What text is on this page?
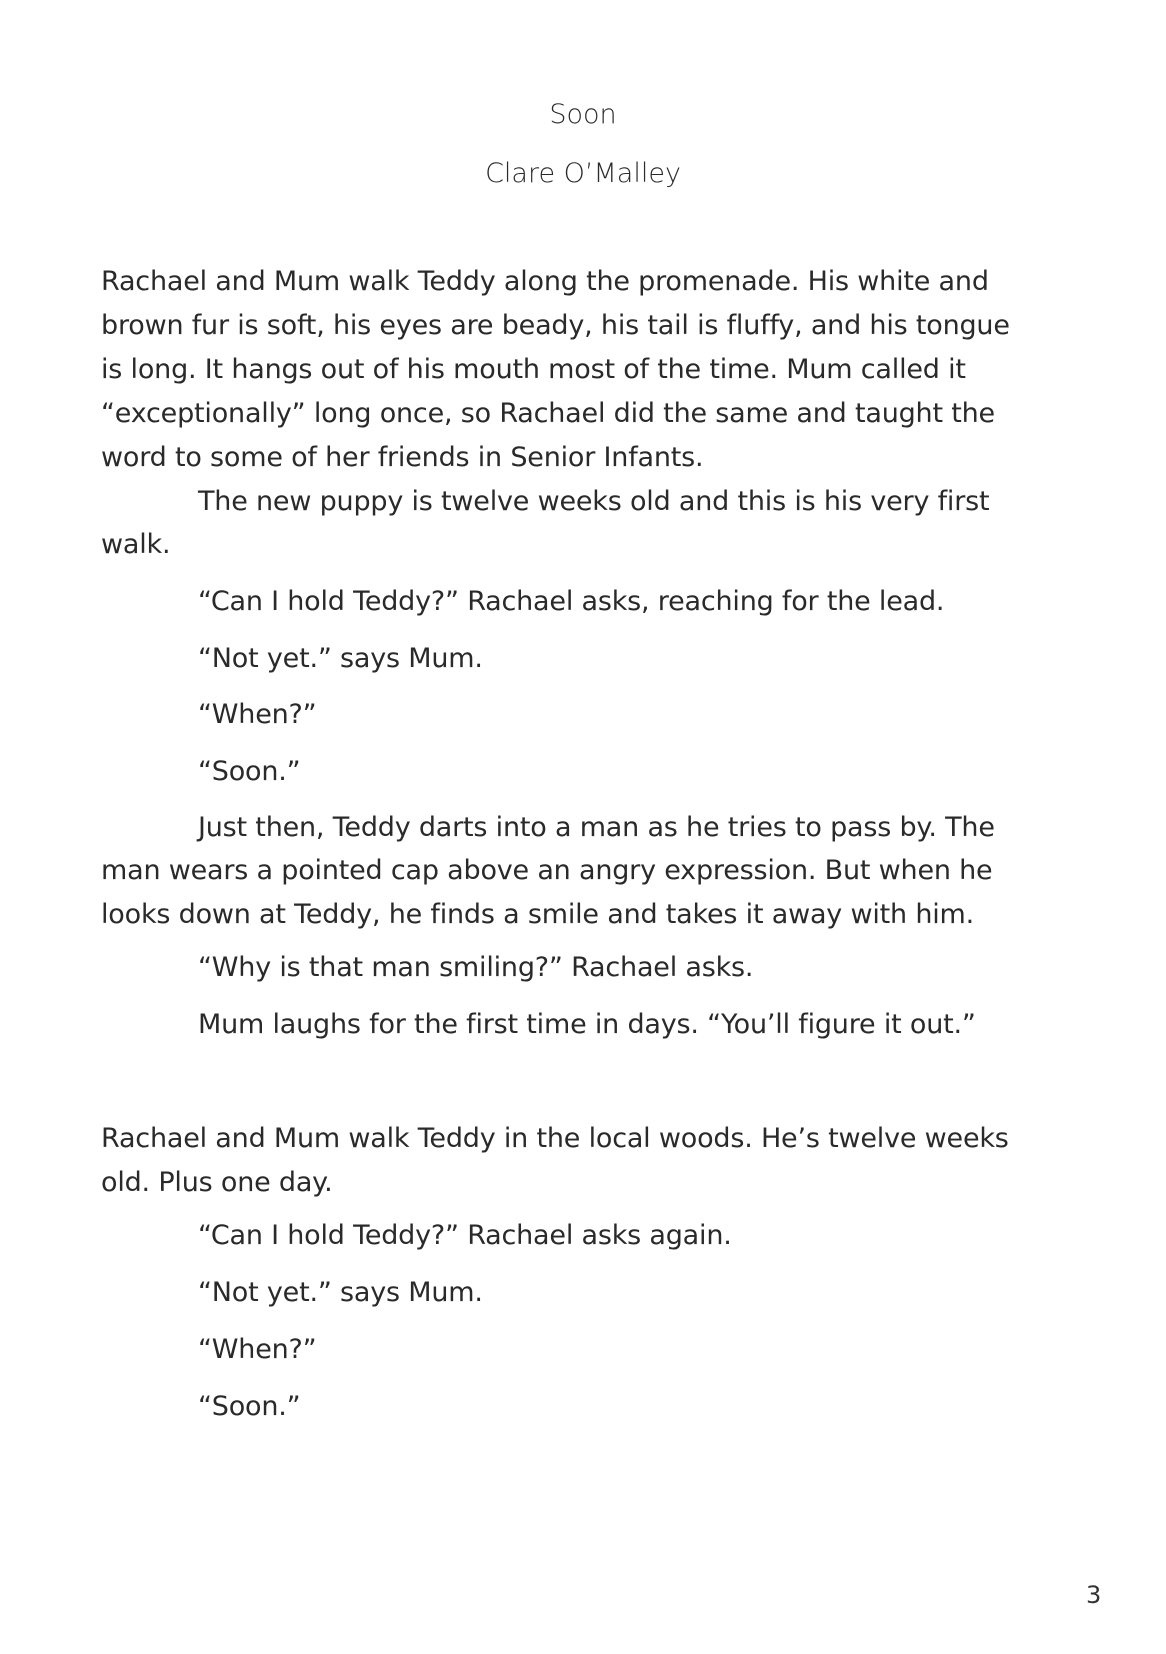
Soon
Clare O’Malley
Rachael and Mum walk Teddy along the promenade. His white and
brown fur is soft, his eyes are beady, his tail is fluffy, and his tongue
is long. It hangs out of his mouth most of the time. Mum called it
“exceptionally” long once, so Rachael did the same and taught the
word to some of her friends in Senior Infants.
The new puppy is twelve weeks old and this is his very first
walk.
“Can I hold Teddy?” Rachael asks, reaching for the lead.
“Not yet.” says Mum.
“When?”
“Soon.”
Just then, Teddy darts into a man as he tries to pass by. The
man wears a pointed cap above an angry expression. But when he
looks down at Teddy, he finds a smile and takes it away with him.
“Why is that man smiling?” Rachael asks.
Mum laughs for the first time in days. “You’ll figure it out.”
Rachael and Mum walk Teddy in the local woods. He’s twelve weeks
old. Plus one day.
“Can I hold Teddy?” Rachael asks again.
“Not yet.” says Mum.
“When?”
“Soon.”
3
